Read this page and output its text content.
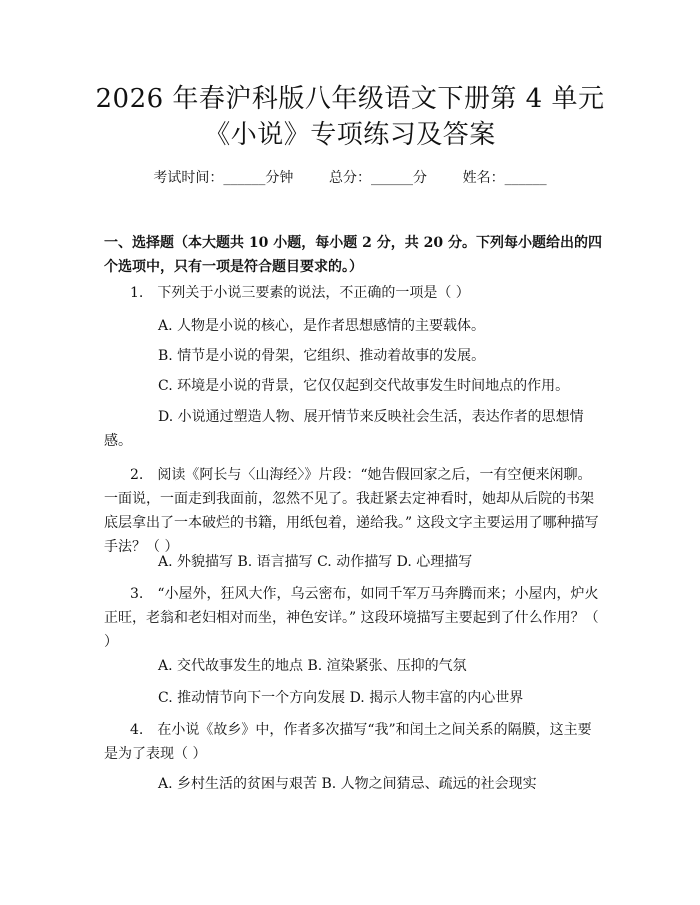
2026 年春沪科版八年级语文下册第 4 单元
《小说》专项练习及答案
考试时间：______分钟	总分：______分	姓名：______
一、选择题（本大题共 10 小题，每小题 2 分，共 20 分。下列每小题给出的四个选项中，只有一项是符合题目要求的。）
1.　下列关于小说三要素的说法，不正确的一项是（ ）
A. 人物是小说的核心，是作者思想感情的主要载体。
B. 情节是小说的骨架，它组织、推动着故事的发展。
C. 环境是小说的背景，它仅仅起到交代故事发生时间地点的作用。
D. 小说通过塑造人物、展开情节来反映社会生活，表达作者的思想情感。
2.　阅读《阿长与〈山海经〉》片段：“她告假回家之后，一有空便来闲聊。一面说，一面走到我面前，忽然不见了。我赶紧去定神看时，她却从后院的书架底层拿出了一本破烂的书籍，用纸包着，递给我。” 这段文字主要运用了哪种描写手法？（ ）
A. 外貌描写 B. 语言描写 C. 动作描写 D. 心理描写
3.　“小屋外，狂风大作，乌云密布，如同千军万马奔腾而来；小屋内，炉火正旺，老翁和老妇相对而坐，神色安详。” 这段环境描写主要起到了什么作用？（ ）
A. 交代故事发生的地点 B. 渲染紧张、压抑的气氛
C. 推动情节向下一个方向发展 D. 揭示人物丰富的内心世界
4.　在小说《故乡》中，作者多次描写“我”和闰土之间关系的隔膜，这主要是为了表现（ ）
A. 乡村生活的贫困与艰苦 B. 人物之间猜忌、疏远的社会现实
